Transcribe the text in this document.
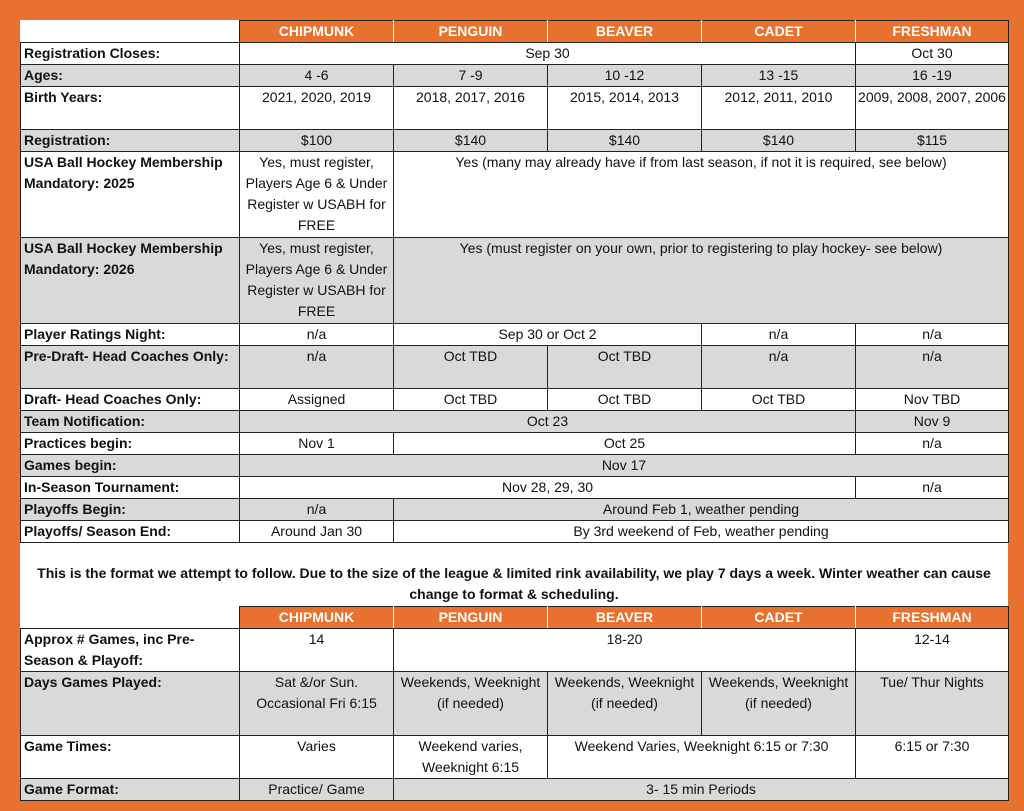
	CHIPMUNK	PENGUIN	BEAVER	CADET	FRESHMAN
Registration Closes:	Sep 30				Oct 30
Ages:	4 -6	7 -9	10 -12	13 -15	16 -19
Birth Years:	2021, 2020, 2019	2018, 2017, 2016	2015, 2014, 2013	2012, 2011, 2010	2009, 2008, 2007, 2006
Registration:	$100	$140	$140	$140	$115
USA Ball Hockey Membership Mandatory: 2025	Yes, must register, Players Age 6 & Under Register w USABH for FREE	Yes (many may already have if from last season, if not it is required, see below)			
USA Ball Hockey Membership Mandatory: 2026	Yes, must register, Players Age 6 & Under Register w USABH for FREE	Yes (must register on your own, prior to registering to play hockey- see below)			
Player Ratings Night:	n/a	Sep 30 or Oct 2		n/a	n/a
Pre-Draft- Head Coaches Only:	n/a	Oct TBD	Oct TBD	n/a	n/a
Draft- Head Coaches Only:	Assigned	Oct TBD	Oct TBD	Oct TBD	Nov TBD
Team Notification:	Oct 23				Nov 9
Practices begin:	Nov 1	Oct 25			n/a
Games begin:	Nov 17				
In-Season Tournament:	Nov 28, 29, 30				n/a
Playoffs Begin:	n/a	Around Feb 1, weather pending			
Playoffs/ Season End:	Around Jan 30	By 3rd weekend of Feb, weather pending			
This is the format we attempt to follow. Due to the size of the league & limited rink availability, we play 7 days a week. Winter weather can cause change to format & scheduling.
	CHIPMUNK	PENGUIN	BEAVER	CADET	FRESHMAN
Approx # Games, inc Pre-Season & Playoff:	14	18-20			12-14
Days Games Played:	Sat &/or Sun. Occasional Fri 6:15	Weekends, Weeknight (if needed)	Weekends, Weeknight (if needed)	Weekends, Weeknight (if needed)	Tue/ Thur Nights
Game Times:	Varies	Weekend varies, Weeknight 6:15	Weekend Varies, Weeknight 6:15 or 7:30		6:15 or 7:30
Game Format:	Practice/ Game	3- 15 min Periods			
